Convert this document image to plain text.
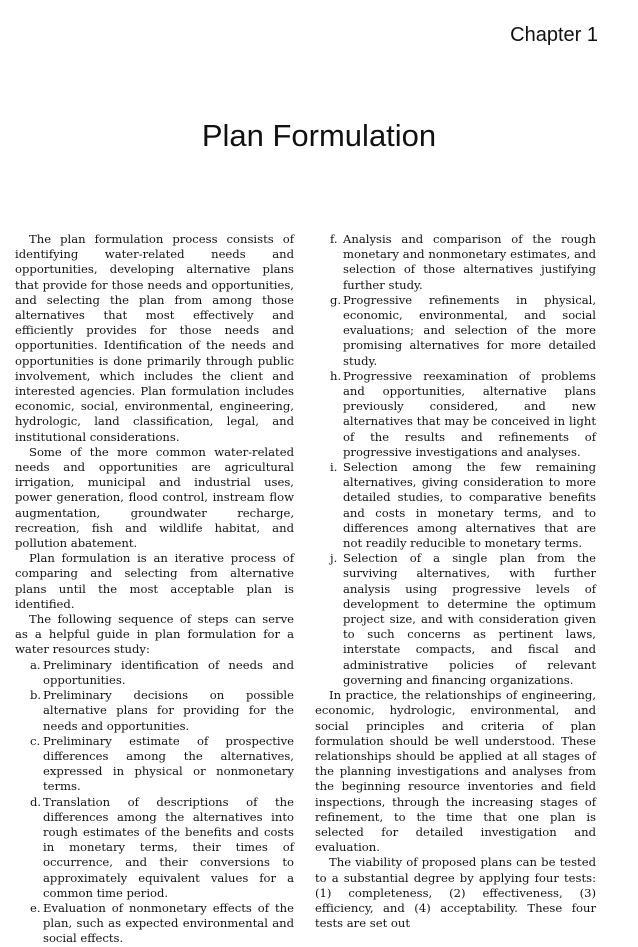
Chapter 1
Plan Formulation

The plan formulation process consists of identifying water-related needs and opportunities, developing alternative plans that provide for those needs and opportunities, and selecting the plan from among those alternatives that most effectively and efficiently provides for those needs and opportunities. Identification of the needs and opportunities is done primarily through public involvement, which includes the client and interested agencies. Plan formulation includes economic, social, environmental, engineering, hydrologic, land classification, legal, and institutional considerations.

Some of the more common water-related needs and opportunities are agricultural irrigation, municipal and industrial uses, power generation, flood control, instream flow augmentation, groundwater recharge, recreation, fish and wildlife habitat, and pollution abatement.

Plan formulation is an iterative process of comparing and selecting from alternative plans until the most acceptable plan is identified.

The following sequence of steps can serve as a helpful guide in plan formulation for a water resources study:

a. Preliminary identification of needs and opportunities.
b. Preliminary decisions on possible alternative plans for providing for the needs and opportunities.
c. Preliminary estimate of prospective differences among the alternatives, expressed in physical or nonmonetary terms.
d. Translation of descriptions of the differences among the alternatives into rough estimates of the benefits and costs in monetary terms, their times of occurrence, and their conversions to approximately equivalent values for a common time period.
e. Evaluation of nonmonetary effects of the plan, such as expected environmental and social effects.
f. Analysis and comparison of the rough monetary and nonmonetary estimates, and selection of those alternatives justifying further study.
g. Progressive refinements in physical, economic, environmental, and social evaluations; and selection of the more promising alternatives for more detailed study.
h. Progressive reexamination of problems and opportunities, alternative plans previously considered, and new alternatives that may be conceived in light of the results and refinements of progressive investigations and analyses.
i. Selection among the few remaining alternatives, giving consideration to more detailed studies, to comparative benefits and costs in monetary terms, and to differences among alternatives that are not readily reducible to monetary terms.
j. Selection of a single plan from the surviving alternatives, with further analysis using progressive levels of development to determine the optimum project size, and with consideration given to such concerns as pertinent laws, interstate compacts, and fiscal and administrative policies of relevant governing and financing organizations.

In practice, the relationships of engineering, economic, hydrologic, environmental, and social principles and criteria of plan formulation should be well understood. These relationships should be applied at all stages of the planning investigations and analyses from the beginning resource inventories and field inspections, through the increasing stages of refinement, to the time that one plan is selected for detailed investigation and evaluation.

The viability of proposed plans can be tested to a substantial degree by applying four tests: (1) completeness, (2) effectiveness, (3) efficiency, and (4) acceptability. These four tests are set out
